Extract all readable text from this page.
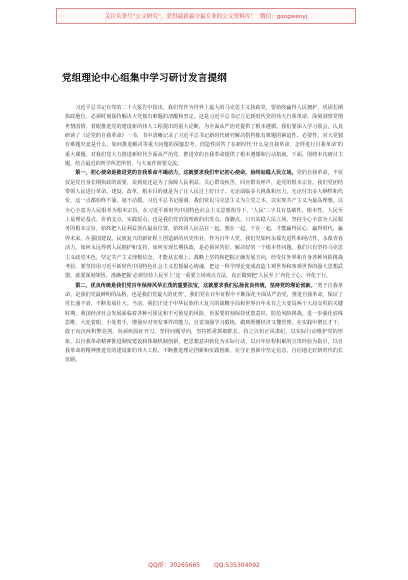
关注头条号“公文研究”，获得最新最全最专业的公文资料库！ 微信：gongwenyj
党组理论中心组集中学习研讨发言提纲

习近平总书记在党的二十大报告中指出，我们党作为世界上最大的马克思主义执政党，要始终赢得人民拥护、巩固长期执政地位，必须时刻保持解决大党独有难题的清醒和坚定。这是习近平总书记立足新时代党的伟大自我革命，深刻洞察党情世情国情，着眼推进党的建设新的伟大工程提出的重大论断，为全面从严治党提供了根本遵循。我们要深入学习领会，认真研读了《论党的自我革命》一书，书中清晰记录了习近平总书记新时代研究解决搭档独有难题的紧迫性、必要性，对大党独有难题究竟是什么，如何推进解决等重大问题的深邃思考，创造性回答了在新时代‘什么是自我革命、怎样进行自我革命’的重大课题，对我们党大力推进新时代全面从严治党、推进党的自我革命提供了根本遵循和行动指南。下面，围绕本次研讨主题，结合最近的所学所思所悟，与大家作简要交流。

第一，初心使命是推进党的自我革命不竭动力，这就要求我们牢记初心使命，始终站稳人民立场。党的自我革命，不仅仅是党自身长期执政的需要，说到底还是为了保障人民利益。关心群众疾苦，回应群众呼声，是党的根本宗旨。我们党团结带领人民进行革命、建设、改革，根本目的就是为了让人民过上好日子。无论面临多大挑战和压力，无论付出多大牺牲和代价，这一点都始终不渝、毫不动摇。习近平总书记强调，我们党以马克思主义为立党之本，以实现共产主义为最高理想，以全心全意为人民服务为根本宗旨，在习近平新时代中国特色社会主义思想指导下，‘人民’二字具有基础性、根本性，人民至上是理论基点、价值支点、实践原点，也是我们党治国理政的出发点、落脚点。只有站稳人民立场，坚持全心全意为人民服务的根本宗旨，始终把人民利益放在最高位置，始终同人民站在一起、想在一起、干在一起，才能赢得民心，赢得时代，赢得未来。在强国建设、民族复兴的新征程上创造新的历史伟业，作为百年大党，我们党如何永葆先进性和纯洁性、永葆青春活力，如何永远得到人民拥护和支持，如何实现长期执政，是必须回答好、解决好的一个根本性问题。我们只有坚持马克思主义政党本色，坚定共产主义理想信念，才能从宏观上、战略上坚持和把握正确发展方向，经受住外界和自身各种风险挑战考验。要坚持用习近平新时代中国特色社会主义思想凝心铸魂，把这一科学理论变成改造主观世界和客观世界的强大思想武器，就要深刻领悟、准确把握‘必须坚持人民至上’这一重要立场观点方法，真正做到把‘人民至上’内化于心、外化于行。

第二，优良传统是我们党百年保持风华正茂的重要法宝，这就要求我们弘扬优良传统，坚持党的理论创新。‘勇于自我革命，是我们党最鲜明的品格，也是我们党最大的优势’，我们党在百年征程中不断深化全面从严治党，推进自我革命，保证了党长盛不衰、不断发展壮大。当前，我们正处于中华民族伟大复兴的战略全局和世界百年未有之大变局两个大局交织的关键时期，我国经济社会发展面临着各种可预见和不可预见的风险，更需要时刻保持忧患意识，防范风险挑战，进一步强化底线思维，大处着眼，小处着手，增强应对突发事件的能力，自觉加强学习锻炼，做到既懂经济又懂管理，在实践中增长才干，敢于向沉疴积弊亮剑，向顽疾固症开刀。坚持问题导向，坚持抓常抓细抓长，持之以恒正风肃纪，以实际行动维护党的形象，以自我革命精神推进制度建设和体制机制创新，把思想意识转化为实际行动，以百年征程积累的宝贵经验为指引，以自我革命的精神推进党的建设新的伟大工程，不断推进理论创新和实践创新，在守正创新中坚定信念，自信地走好新时代的长征路。

QQ群：30265665 QQ:535304092
